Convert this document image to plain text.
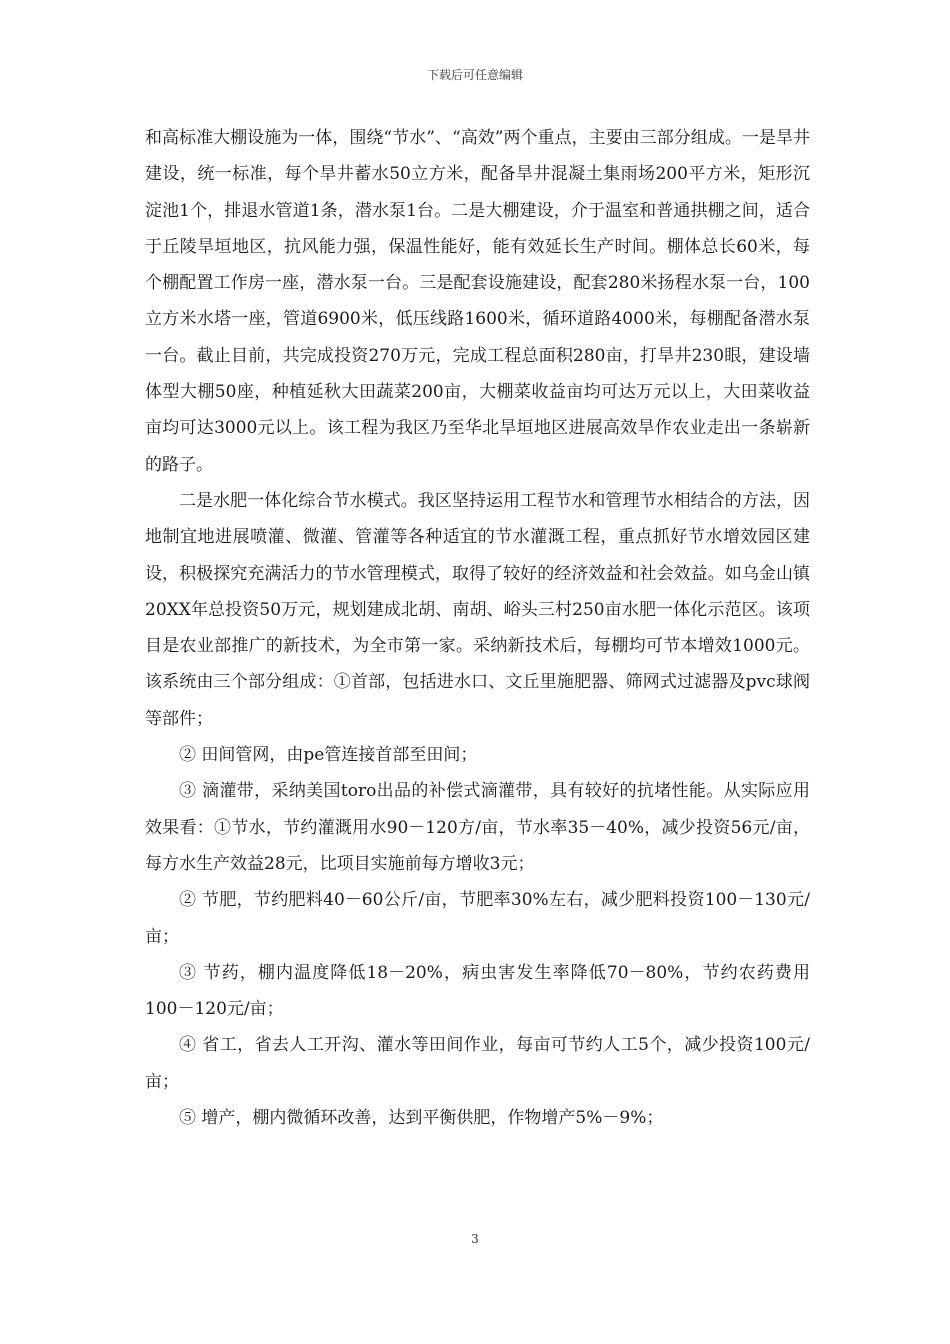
下载后可任意编辑

和高标准大棚设施为一体，围绕“节水”、“高效”两个重点，主要由三部分组成。一是旱井建设，统一标准，每个旱井蓄水50立方米，配备旱井混凝土集雨场200平方米，矩形沉淀池1个，排退水管道1条，潜水泵1台。二是大棚建设，介于温室和普通拱棚之间，适合于丘陵旱垣地区，抗风能力强，保温性能好，能有效延长生产时间。棚体总长60米，每个棚配置工作房一座，潜水泵一台。三是配套设施建设，配套280米扬程水泵一台，100立方米水塔一座，管道6900米，低压线路1600米，循环道路4000米，每棚配备潜水泵一台。截止目前，共完成投资270万元，完成工程总面积280亩，打旱井230眼，建设墙体型大棚50座，种植延秋大田蔬菜200亩，大棚菜收益亩均可达万元以上，大田菜收益亩均可达3000元以上。该工程为我区乃至华北旱垣地区进展高效旱作农业走出一条崭新的路子。

二是水肥一体化综合节水模式。我区坚持运用工程节水和管理节水相结合的方法，因地制宜地进展喷灌、微灌、管灌等各种适宜的节水灌溉工程，重点抓好节水增效园区建设，积极探究充满活力的节水管理模式，取得了较好的经济效益和社会效益。如乌金山镇20XX年总投资50万元，规划建成北胡、南胡、峪头三村250亩水肥一体化示范区。该项目是农业部推广的新技术，为全市第一家。采纳新技术后，每棚均可节本增效1000元。该系统由三个部分组成：①首部，包括进水口、文丘里施肥器、筛网式过滤器及pvc球阀等部件；

② 田间管网，由pe管连接首部至田间；

③ 滴灌带，采纳美国toro出品的补偿式滴灌带，具有较好的抗堵性能。从实际应用效果看：①节水，节约灌溉用水90－120方/亩，节水率35－40%，减少投资56元/亩，每方水生产效益28元，比项目实施前每方增收3元；

② 节肥，节约肥料40－60公斤/亩，节肥率30%左右，减少肥料投资100－130元/亩；

③ 节药，棚内温度降低18－20%，病虫害发生率降低70－80%，节约农药费用100－120元/亩；

④ 省工，省去人工开沟、灌水等田间作业，每亩可节约人工5个，减少投资100元/亩；

⑤ 增产，棚内微循环改善，达到平衡供肥，作物增产5%－9%；

3
